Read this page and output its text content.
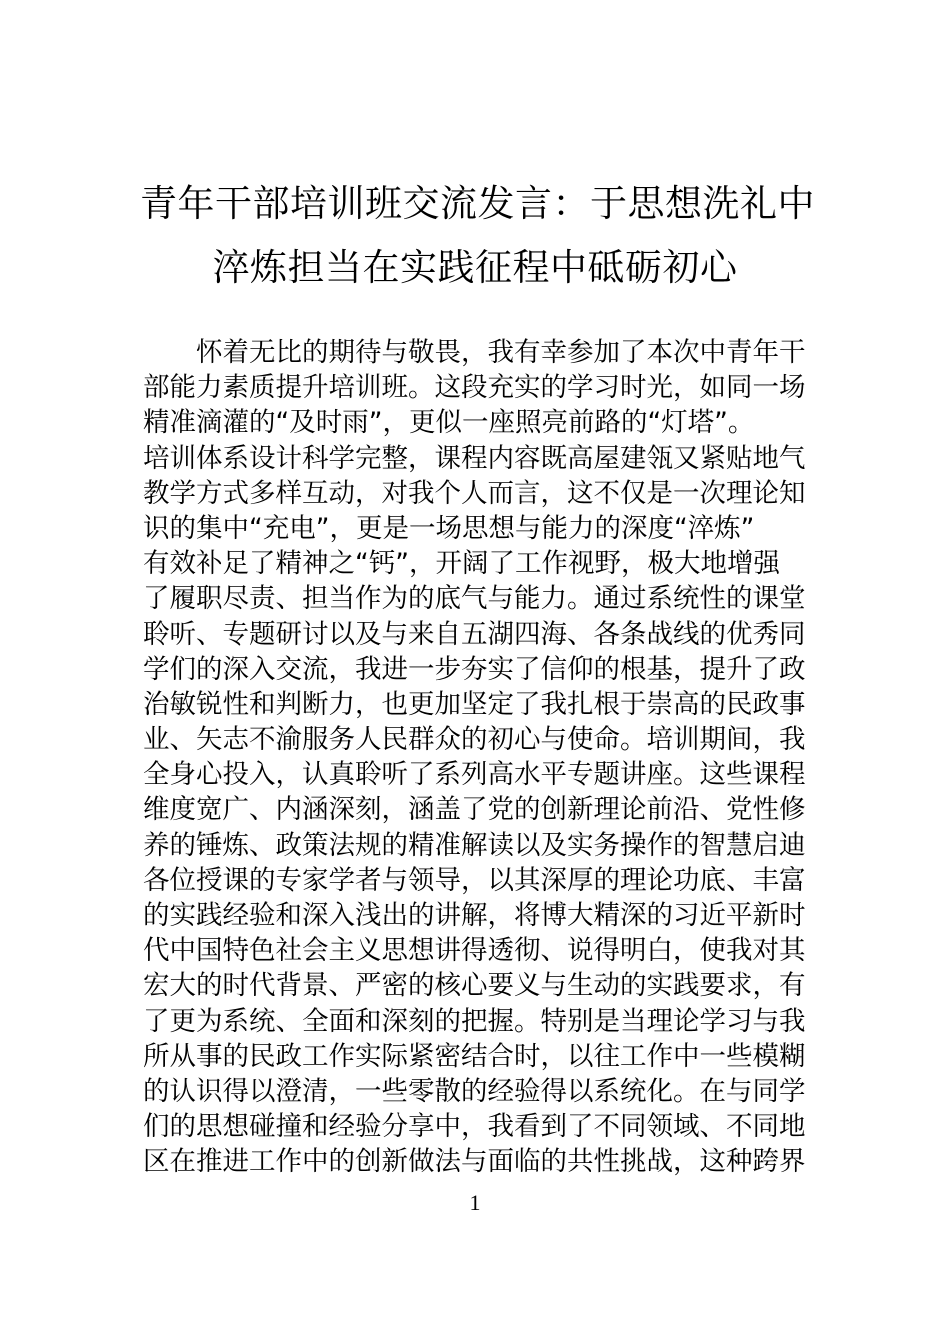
青年干部培训班交流发言：于思想洗礼中
淬炼担当在实践征程中砥砺初心
怀着无比的期待与敬畏，我有幸参加了本次中青年干
部能力素质提升培训班。这段充实的学习时光，如同一场
精准滴灌的“及时雨”，更似一座照亮前路的“灯塔”。
培训体系设计科学完整，课程内容既高屋建瓴又紧贴地气
教学方式多样互动，对我个人而言，这不仅是一次理论知
识的集中“充电”，更是一场思想与能力的深度“淬炼”
有效补足了精神之“钙”，开阔了工作视野，极大地增强
了履职尽责、担当作为的底气与能力。通过系统性的课堂
聆听、专题研讨以及与来自五湖四海、各条战线的优秀同
学们的深入交流，我进一步夯实了信仰的根基，提升了政
治敏锐性和判断力，也更加坚定了我扎根于崇高的民政事
业、矢志不渝服务人民群众的初心与使命。培训期间，我
全身心投入，认真聆听了系列高水平专题讲座。这些课程
维度宽广、内涵深刻，涵盖了党的创新理论前沿、党性修
养的锤炼、政策法规的精准解读以及实务操作的智慧启迪
各位授课的专家学者与领导，以其深厚的理论功底、丰富
的实践经验和深入浅出的讲解，将博大精深的习近平新时
代中国特色社会主义思想讲得透彻、说得明白，使我对其
宏大的时代背景、严密的核心要义与生动的实践要求，有
了更为系统、全面和深刻的把握。特别是当理论学习与我
所从事的民政工作实际紧密结合时，以往工作中一些模糊
的认识得以澄清，一些零散的经验得以系统化。在与同学
们的思想碰撞和经验分享中，我看到了不同领域、不同地
区在推进工作中的创新做法与面临的共性挑战，这种跨界
1
